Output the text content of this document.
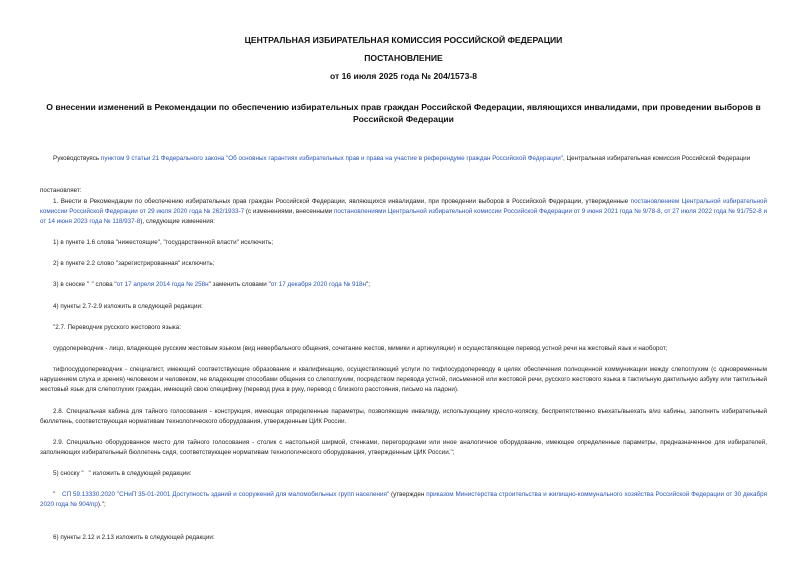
ЦЕНТРАЛЬНАЯ ИЗБИРАТЕЛЬНАЯ КОМИССИЯ РОССИЙСКОЙ ФЕДЕРАЦИИ
ПОСТАНОВЛЕНИЕ
от 16 июля 2025 года № 204/1573-8
О внесении изменений в Рекомендации по обеспечению избирательных прав граждан Российской Федерации, являющихся инвалидами, при проведении выборов в Российской Федерации
Руководствуясь пунктом 9 статьи 21 Федерального закона "Об основных гарантиях избирательных прав и права на участие в референдуме граждан Российской Федерации", Центральная избирательная комиссия Российской Федерации
постановляет:
1. Внести в Рекомендации по обеспечению избирательных прав граждан Российской Федерации, являющихся инвалидами, при проведении выборов в Российской Федерации, утвержденные постановлением Центральной избирательной комиссии Российской Федерации от 29 июля 2020 года № 262/1933-7 (с изменениями, внесенными постановлениями Центральной избирательной комиссии Российской Федерации от 9 июня 2021 года № 9/78-8, от 27 июля 2022 года № 91/752-8 и от 14 июня 2023 года № 118/937-8), следующие изменения:
1) в пункте 1.6 слова "нижестоящие", "государственной власти" исключить;
2) в пункте 2.2 слово "зарегистрированная" исключить;
3) в сноске "*" слова "от 17 апреля 2014 года № 258н" заменить словами "от 17 декабря 2020 года № 918н";
4) пункты 2.7-2.9 изложить в следующей редакции:
"2.7. Переводчик русского жестового языка:
сурдопереводчик - лицо, владеющее русским жестовым языком (вид невербального общения, сочетание жестов, мимики и артикуляции) и осуществляющее перевод устной речи на жестовый язык и наоборот;
тифлосурдопереводчик - специалист, имеющий соответствующие образование и квалификацию, осуществляющий услуги по тифлосурдопереводу в целях обеспечения полноценной коммуникации между слепоглухим (с одновременным нарушением слуха и зрения) человеком и человеком, не владеющим способами общения со слепоглухим, посредством перевода устной, письменной или жестовой речи, русского жестового языка в тактильную дактильную азбуку или тактильный жестовый язык для слепоглухих граждан, имеющий свою специфику (перевод рука в руку, перевод с близкого расстояния, письмо на ладони).
2.8. Специальная кабина для тайного голосования - конструкция, имеющая определенные параметры, позволяющие инвалиду, использующему кресло-коляску, беспрепятственно въехать/выехать в/из кабины, заполнить избирательный бюллетень, соответствующая нормативам технологического оборудования, утвержденным ЦИК России.
2.9. Специально оборудованное место для тайного голосования - столик с настольной ширмой, стенками, перегородками или иное аналогичное оборудование, имеющее определенные параметры, предназначенное для избирателей, заполняющих избирательный бюллетень сидя, соответствующее нормативам технологического оборудования, утвержденным ЦИК России.";
5) сноску "**" изложить в следующей редакции:
"** СП 59.13330.2020 "СНиП 35-01-2001 Доступность зданий и сооружений для маломобильных групп населения" (утвержден приказом Министерства строительства и жилищно-коммунального хозяйства Российской Федерации от 30 декабря 2020 года № 904/пр).";
6) пункты 2.12 и 2.13 изложить в следующей редакции:
